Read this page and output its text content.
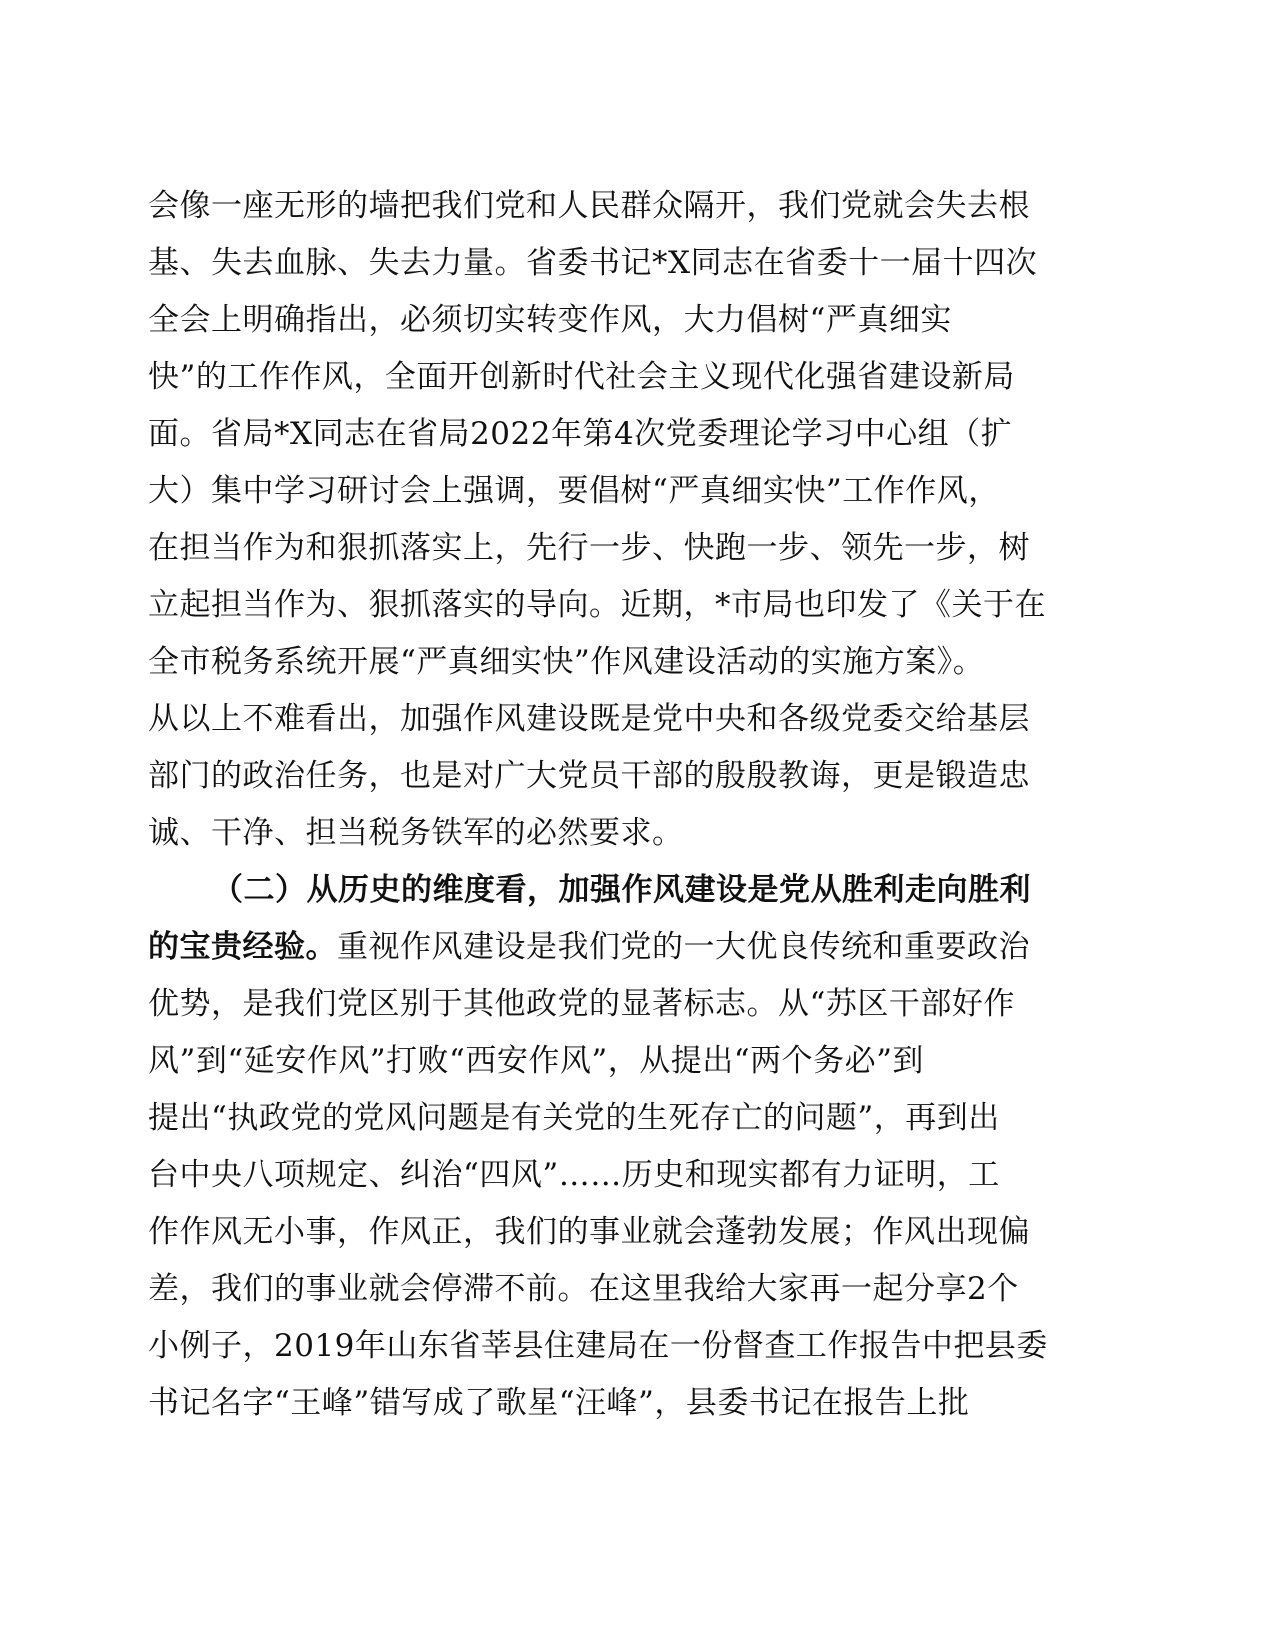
会像一座无形的墙把我们党和人民群众隔开，我们党就会失去根
基、失去血脉、失去力量。省委书记*X同志在省委十一届十四次
全会上明确指出，必须切实转变作风，大力倡树“严真细实
快”的工作作风，全面开创新时代社会主义现代化强省建设新局
面。省局*X同志在省局2022年第4次党委理论学习中心组（扩
大）集中学习研讨会上强调，要倡树“严真细实快”工作作风，
在担当作为和狠抓落实上，先行一步、快跑一步、领先一步，树
立起担当作为、狠抓落实的导向。近期，*市局也印发了《关于在
全市税务系统开展“严真细实快”作风建设活动的实施方案》。
从以上不难看出，加强作风建设既是党中央和各级党委交给基层
部门的政治任务，也是对广大党员干部的殷殷教诲，更是锻造忠
诚、干净、担当税务铁军的必然要求。
（二）从历史的维度看，加强作风建设是党从胜利走向胜利
的宝贵经验。重视作风建设是我们党的一大优良传统和重要政治
优势，是我们党区别于其他政党的显著标志。从“苏区干部好作
风”到“延安作风”打败“西安作风”，从提出“两个务必”到
提出“执政党的党风问题是有关党的生死存亡的问题”，再到出
台中央八项规定、纠治“四风”……历史和现实都有力证明，工
作作风无小事，作风正，我们的事业就会蓬勃发展；作风出现偏
差，我们的事业就会停滞不前。在这里我给大家再一起分享2个
小例子，2019年山东省莘县住建局在一份督查工作报告中把县委
书记名字“王峰”错写成了歌星“汪峰”，县委书记在报告上批
